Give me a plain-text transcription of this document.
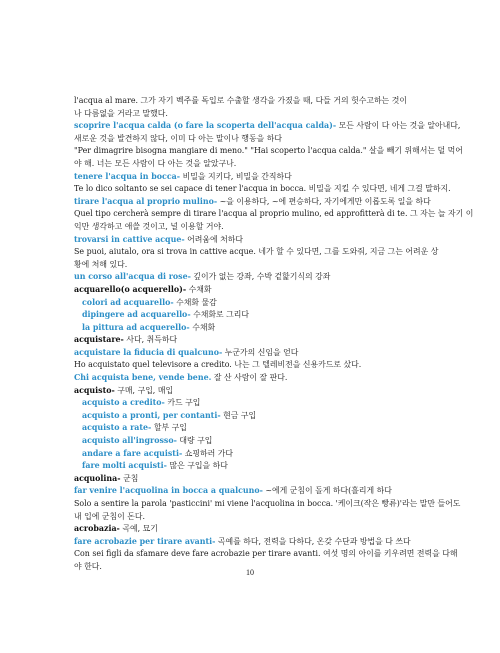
l'acqua al mare. 그가 자기 벡주를 독입로 수출할 생각을 가졌을 때, 다들 거의 헛수고하는 것이
나 다름없을 거라고 말했다.
scoprire l'acqua calda (o fare la scoperta dell'acqua calda)- 모든 사람이 다 아는 것을 알아내다,
새로운 것을 발견하지 않다, 이미 다 아는 말이나 행동을 하다
"Per dimagrire bisogna mangiare di meno." "Hai scoperto l'acqua calda." 살을 빼기 위해서는 덜 먹어
야 해. 너는 모든 사람이 다 아는 것을 알았구나.
tenere l'acqua in bocca- 비밀을 지키다, 비밀을 간직하다
Te lo dico soltanto se sei capace di tener l'acqua in bocca. 비밀을 지킬 수 있다면, 네게 그걸 말하지.
tirare l'acqua al proprio mulino- ~을 이용하다, ~에 편승하다, 자기에게만 이롭도록 일을 하다
Quel tipo cercherà sempre di tirare l'acqua al proprio mulino, ed approfitterà di te. 그 자는 늘 자기 이
익만 생각하고 애쓸 것이고, 널 이용할 거야.
trovarsi in cattive acque- 어려움에 처하다
Se puoi, aiutalo, ora si trova in cattive acque. 네가 할 수 있다면, 그를 도와줘, 지금 그는 어려운 상
황에 처해 있다.
un corso all'acqua di rose- 깊이가 없는 강좌, 수박 겉핥기식의 강좌
acquarello(o acquerello)- 수채화
colori ad acquarello- 수채화 물감
dipingere ad acquarello- 수채화로 그리다
la pittura ad acquerello- 수채화
acquistare- 사다, 취득하다
acquistare la fiducia di qualcuno- 누군가의 신임을 얻다
Ho acquistato quel televisore a credito. 나는 그 텔레비전을 신용카드로 샀다.
Chi acquista bene, vende bene. 잘 산 사람이 잘 판다.
acquisto- 구매, 구입, 매입
acquisto a credito- 카드 구입
acquisto a pronti, per contanti- 현금 구입
acquisto a rate- 할부 구입
acquisto all'ingrosso- 대량 구입
andare a fare acquisti- 쇼핑하러 가다
fare molti acquisti- 많은 구입을 하다
acquolina- 군침
far venire l'acquolina in bocca a qualcuno- ~에게 군침이 돌게 하다(흘리게 하다
Solo a sentire la parola 'pasticcini' mi viene l'acquolina in bocca. '케이크(작은 빵류)'라는 말만 들어도
내 입에 군침이 돈다.
acrobazia- 곡예, 묘기
fare acrobazie per tirare avanti- 곡예를 하다, 전력을 다하다, 온갖 수단과 방법을 다 쓰다
Con sei figli da sfamare deve fare acrobazie per tirare avanti. 여섯 명의 아이를 키우려면 전력을 다해
야 한다.
10
